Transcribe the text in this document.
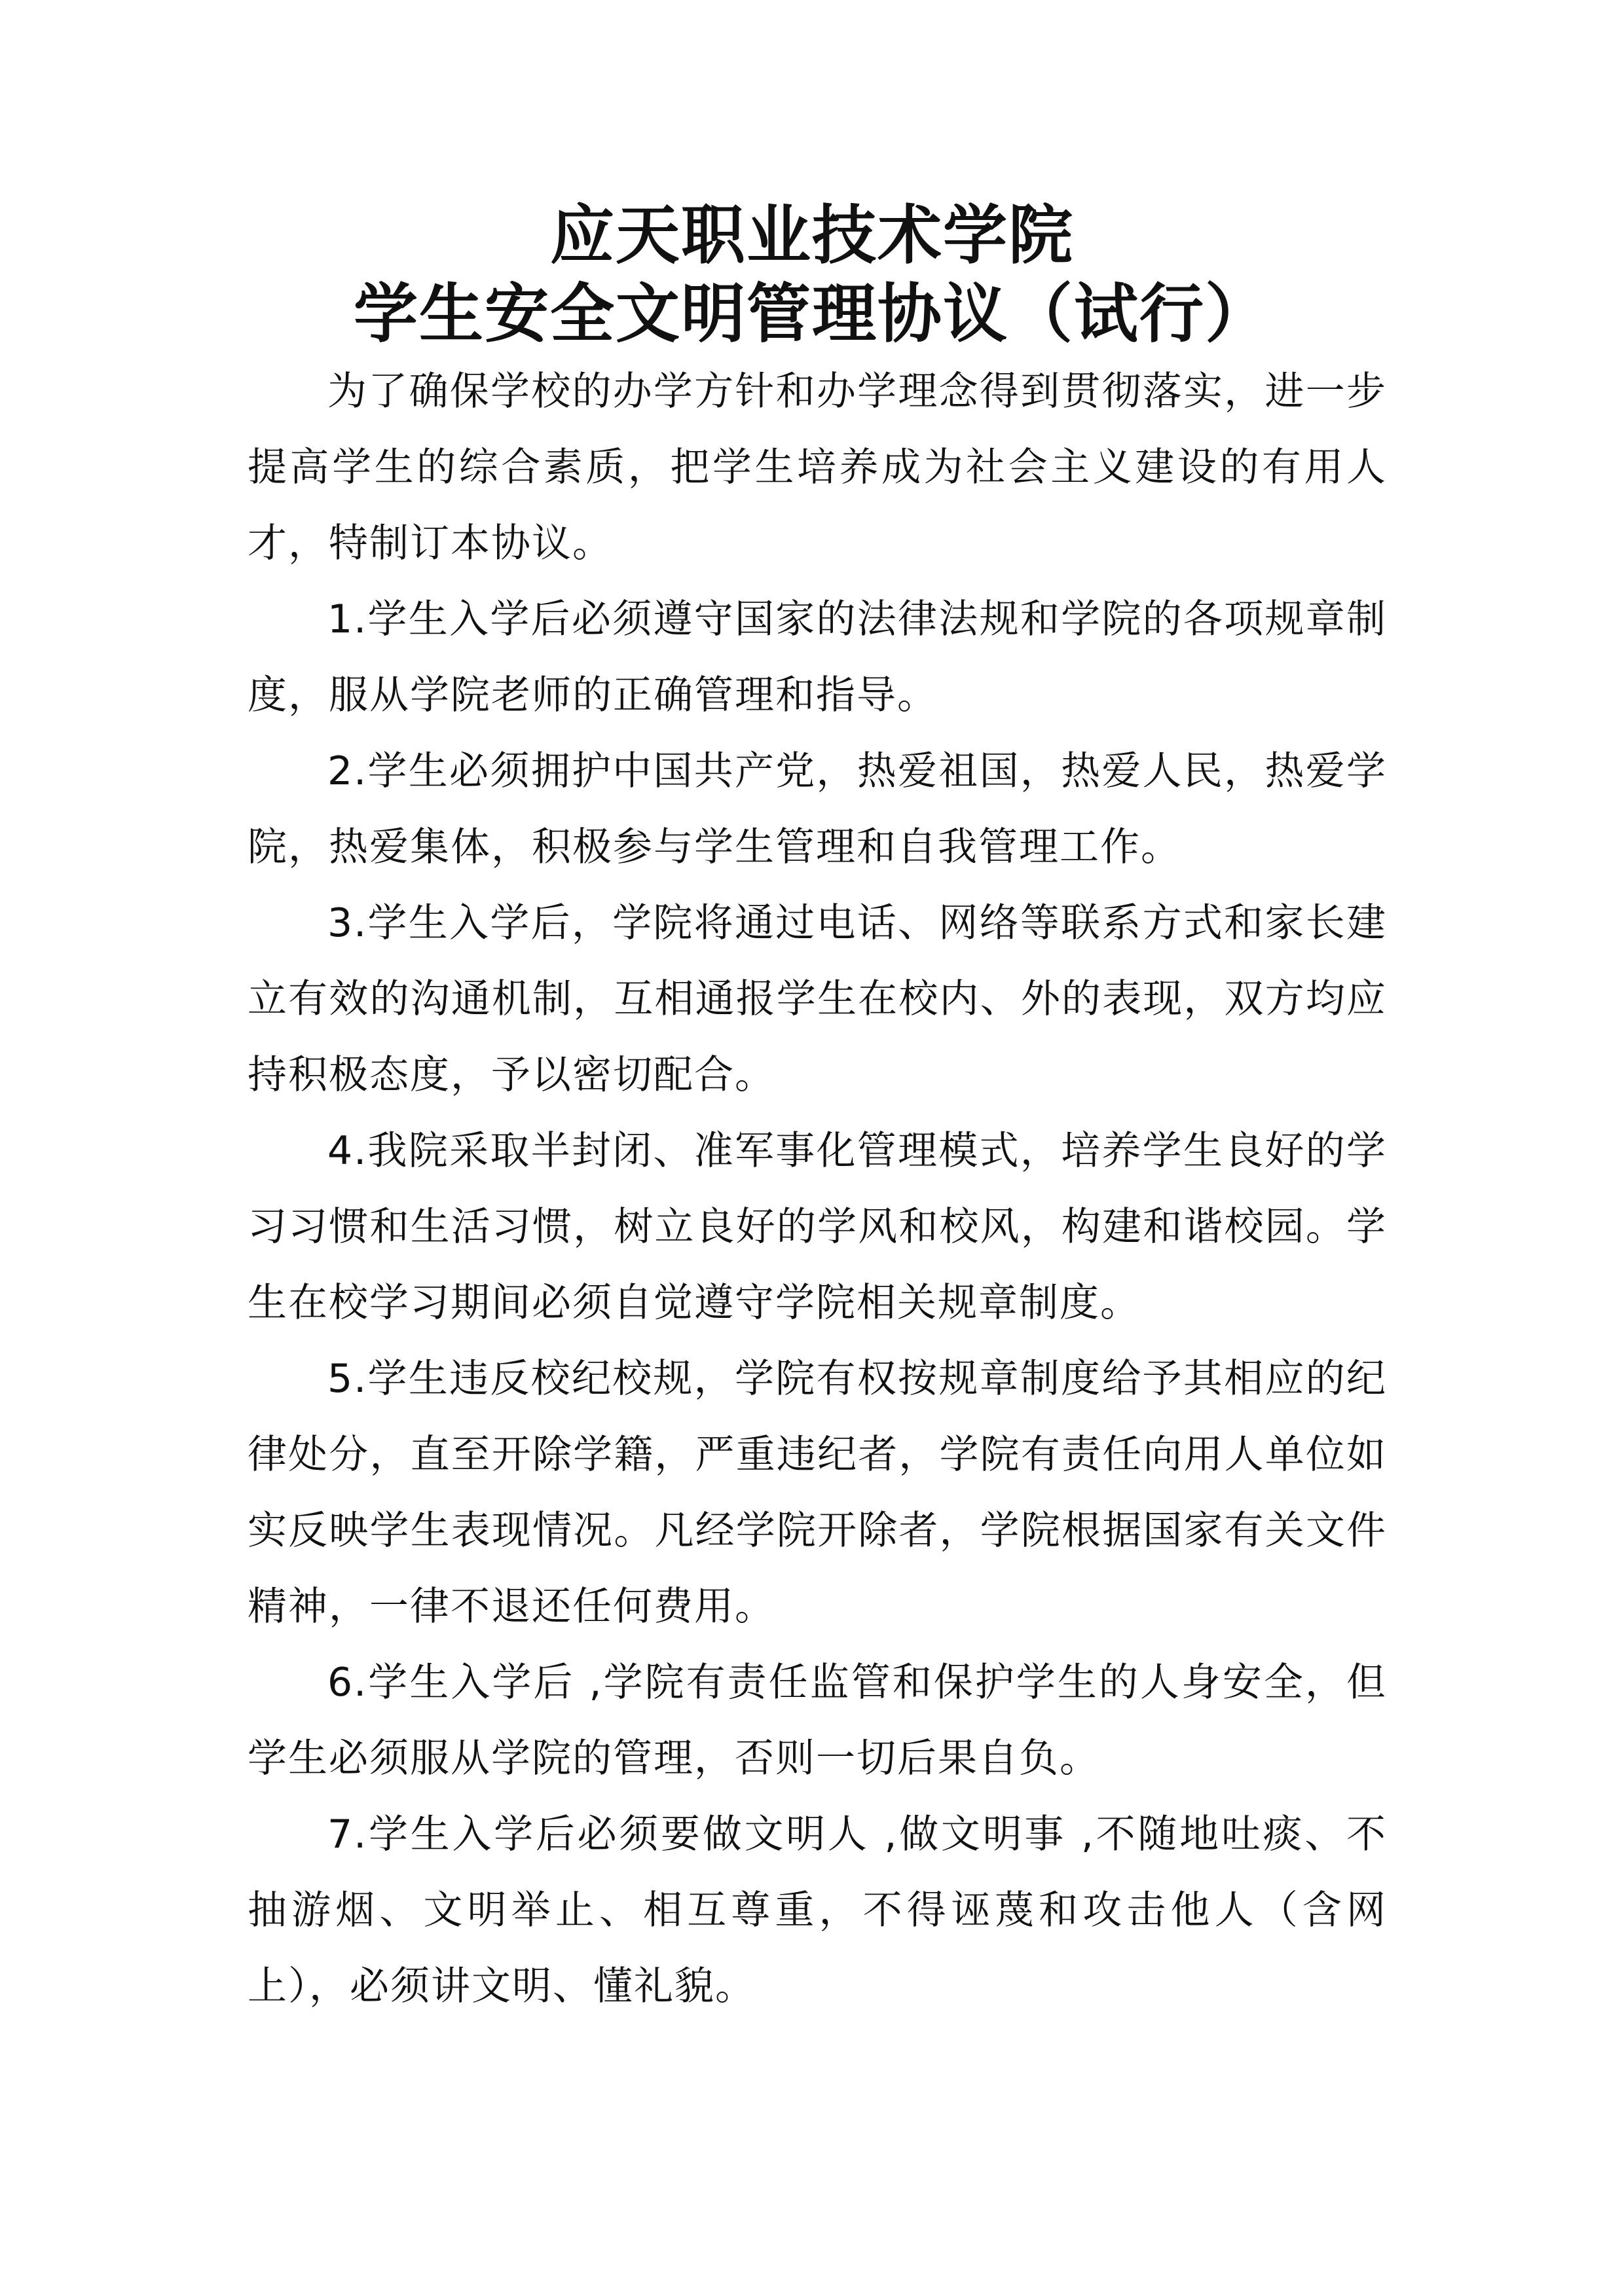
应天职业技术学院
学生安全文明管理协议（试行）

为了确保学校的办学方针和办学理念得到贯彻落实，进一步提高学生的综合素质，把学生培养成为社会主义建设的有用人才，特制订本协议。

1.学生入学后必须遵守国家的法律法规和学院的各项规章制度，服从学院老师的正确管理和指导。

2.学生必须拥护中国共产党，热爱祖国，热爱人民，热爱学院，热爱集体，积极参与学生管理和自我管理工作。

3.学生入学后，学院将通过电话、网络等联系方式和家长建立有效的沟通机制，互相通报学生在校内、外的表现，双方均应持积极态度，予以密切配合。

4.我院采取半封闭、准军事化管理模式，培养学生良好的学习习惯和生活习惯，树立良好的学风和校风，构建和谐校园。学生在校学习期间必须自觉遵守学院相关规章制度。

5.学生违反校纪校规，学院有权按规章制度给予其相应的纪律处分，直至开除学籍，严重违纪者，学院有责任向用人单位如实反映学生表现情况。凡经学院开除者，学院根据国家有关文件精神，一律不退还任何费用。

6.学生入学后 ,学院有责任监管和保护学生的人身安全，但学生必须服从学院的管理，否则一切后果自负。

7.学生入学后必须要做文明人 ,做文明事 ,不随地吐痰、不抽游烟、文明举止、相互尊重，不得诬蔑和攻击他人（含网上），必须讲文明、懂礼貌。
